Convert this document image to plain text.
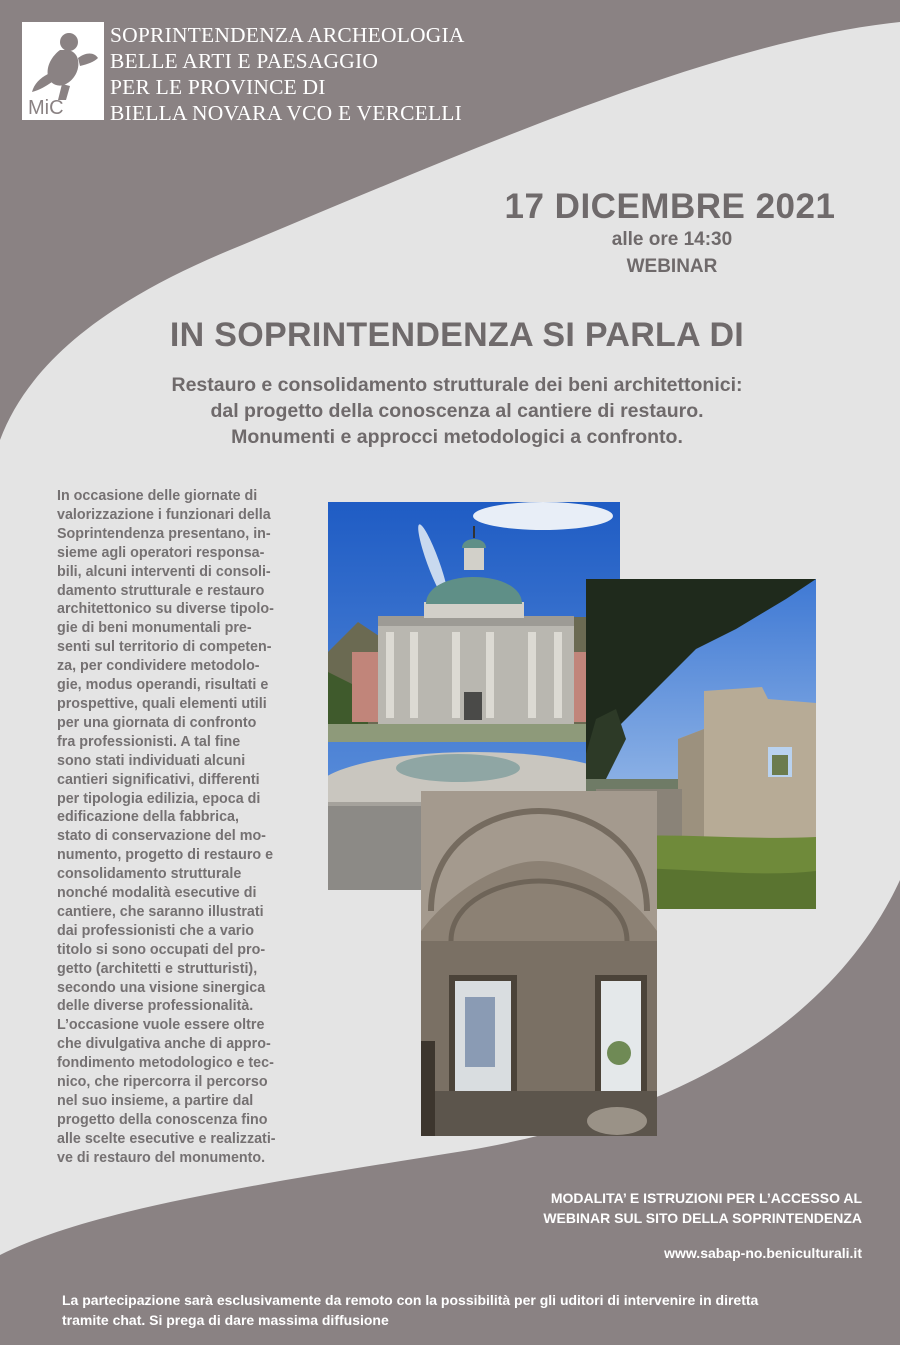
MiC
SOPRINTENDENZA ARCHEOLOGIA
BELLE ARTI E PAESAGGIO
PER LE PROVINCE DI
BIELLA NOVARA VCO E VERCELLI
17 DICEMBRE 2021
alle ore 14:30
WEBINAR
IN SOPRINTENDENZA SI PARLA DI
Restauro e consolidamento strutturale dei beni architettonici:
dal progetto della conoscenza al cantiere di restauro.
Monumenti e approcci metodologici a confronto.
In occasione delle giornate di
valorizzazione i funzionari della
Soprintendenza presentano, in-
sieme agli operatori responsa-
bili, alcuni interventi di consoli-
damento strutturale e restauro
architettonico su diverse tipolo-
gie di beni monumentali pre-
senti sul territorio di competen-
za, per condividere metodolo-
gie, modus operandi, risultati e
prospettive, quali elementi utili
per una giornata di confronto
fra professionisti. A tal fine
sono stati individuati alcuni
cantieri significativi, differenti
per tipologia edilizia, epoca di
edificazione della fabbrica,
stato di conservazione del mo-
numento, progetto di restauro e
consolidamento strutturale
nonché modalità esecutive di
cantiere, che saranno illustrati
dai professionisti che a vario
titolo si sono occupati del pro-
getto (architetti e strutturisti),
secondo una visione sinergica
delle diverse professionalità.
L’occasione vuole essere oltre
che divulgativa anche di appro-
fondimento metodologico e tec-
nico, che ripercorra il percorso
nel suo insieme, a partire dal
progetto della conoscenza fino
alle scelte esecutive e realizzati-
ve di restauro del monumento.
MODALITA’ E ISTRUZIONI PER L’ACCESSO AL
WEBINAR SUL SITO DELLA SOPRINTENDENZA
www.sabap-no.beniculturali.it
La partecipazione sarà esclusivamente da remoto con la possibilità per gli uditori di intervenire in diretta
tramite chat. Si prega di dare massima diffusione
